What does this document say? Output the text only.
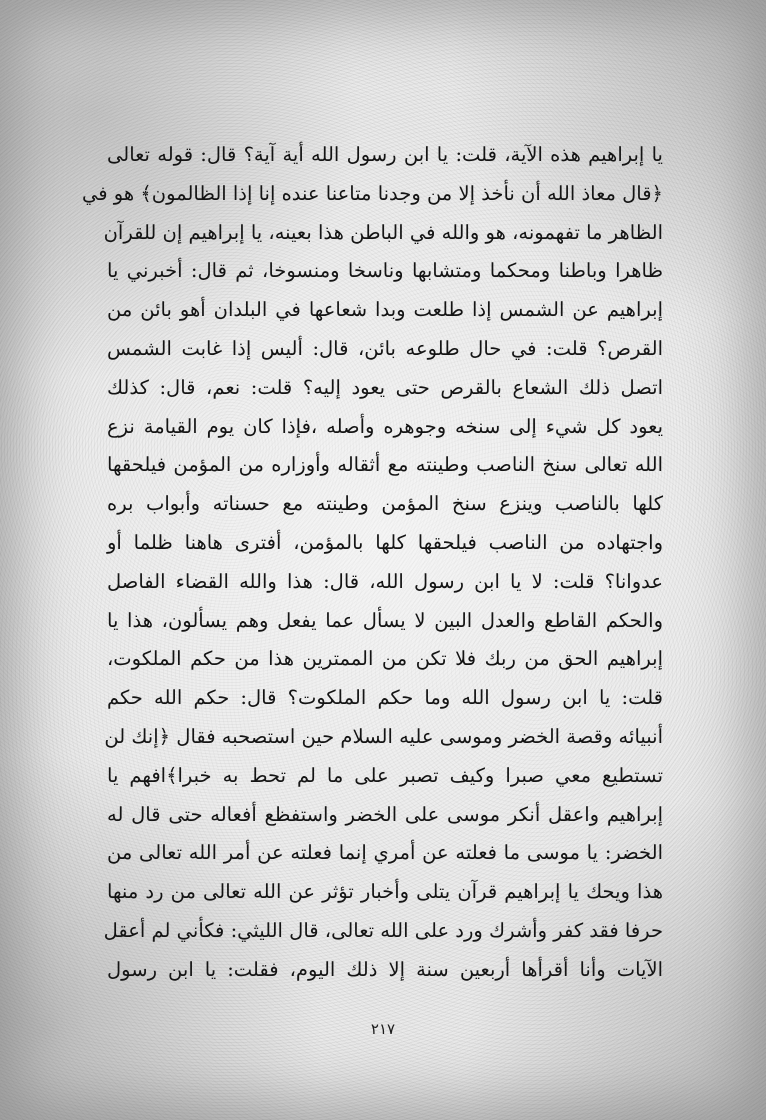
يا إبراهيم هذه الآية، قلت: يا ابن رسول الله أية آية؟ قال: قوله تعالى
﴿قال معاذ الله أن نأخذ إلا من وجدنا متاعنا عنده إنا إذا الظالمون﴾ هو في
الظاهر ما تفهمونه، هو والله في الباطن هذا بعينه، يا إبراهيم إن للقرآن
ظاهرا وباطنا ومحكما ومتشابها وناسخا ومنسوخا، ثم قال: أخبرني يا
إبراهيم عن الشمس إذا طلعت وبدا شعاعها في البلدان أهو بائن من
القرص؟ قلت: في حال طلوعه بائن، قال: أليس إذا غابت الشمس
اتصل ذلك الشعاع بالقرص حتى يعود إليه؟ قلت: نعم، قال: كذلك
يعود كل شيء إلى سنخه وجوهره وأصله ،فإذا كان يوم القيامة نزع
الله تعالى سنخ الناصب وطينته مع أثقاله وأوزاره من المؤمن فيلحقها
كلها بالناصب وينزع سنخ المؤمن وطينته مع حسناته وأبواب بره
واجتهاده من الناصب فيلحقها كلها بالمؤمن، أفترى هاهنا ظلما أو
عدوانا؟ قلت: لا يا ابن رسول الله، قال: هذا والله القضاء الفاصل
والحكم القاطع والعدل البين لا يسأل عما يفعل وهم يسألون، هذا يا
إبراهيم الحق من ربك فلا تكن من الممترين هذا من حكم الملكوت،
قلت: يا ابن رسول الله وما حكم الملكوت؟ قال: حكم الله حكم
أنبيائه وقصة الخضر وموسى عليه السلام حين استصحبه فقال ﴿إنك لن
تستطيع معي صبرا وكيف تصبر على ما لم تحط به خبرا﴾افهم يا
إبراهيم واعقل أنكر موسى على الخضر واستفظع أفعاله حتى قال له
الخضر: يا موسى ما فعلته عن أمري إنما فعلته عن أمر الله تعالى من
هذا ويحك يا إبراهيم قرآن يتلى وأخبار تؤثر عن الله تعالى من رد منها
حرفا فقد كفر وأشرك ورد على الله تعالى، قال الليثي: فكأني لم أعقل
الآيات وأنا أقرأها أربعين سنة إلا ذلك اليوم، فقلت: يا ابن رسول
٢١٧
